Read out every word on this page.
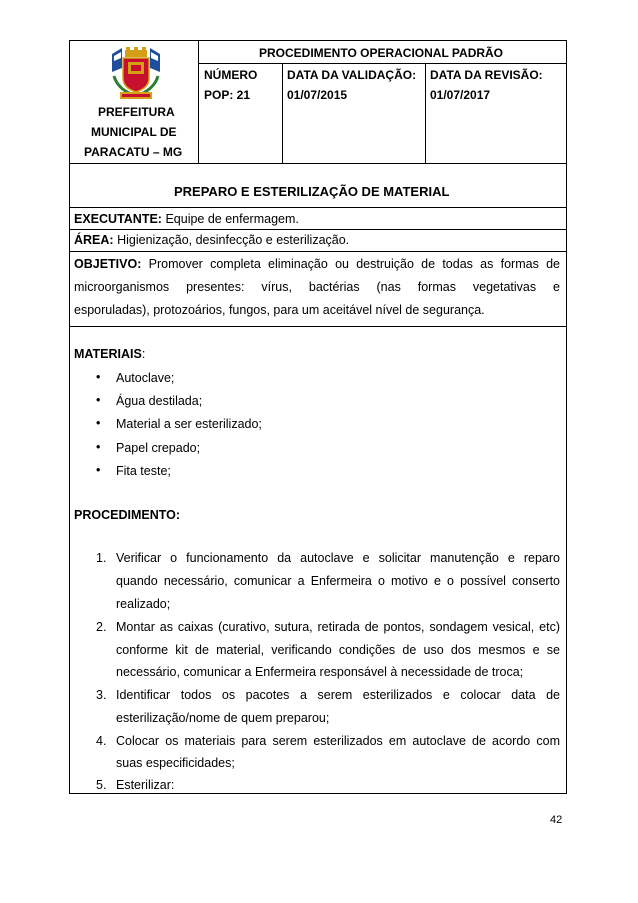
PREFEITURA
MUNICIPAL DE
PARACATU – MG
PROCEDIMENTO OPERACIONAL PADRÃO
NÚMERO
POP: 21
DATA DA VALIDAÇÃO:
01/07/2015
DATA DA REVISÃO:
01/07/2017
PREPARO E ESTERILIZAÇÃO DE MATERIAL
EXECUTANTE: Equipe de enfermagem.
ÁREA: Higienização, desinfecção e esterilização.
OBJETIVO: Promover completa eliminação ou destruição de todas as formas de
microorganismos presentes: vírus, bactérias (nas formas vegetativas e
esporuladas), protozoários, fungos, para um aceitável nível de segurança.
MATERIAIS:
• Autoclave;
• Água destilada;
• Material a ser esterilizado;
• Papel crepado;
• Fita teste;
PROCEDIMENTO:
1. Verificar o funcionamento da autoclave e solicitar manutenção e reparo
quando necessário, comunicar a Enfermeira o motivo e o possível conserto
realizado;
2. Montar as caixas (curativo, sutura, retirada de pontos, sondagem vesical, etc)
conforme kit de material, verificando condições de uso dos mesmos e se
necessário, comunicar a Enfermeira responsável à necessidade de troca;
3. Identificar todos os pacotes a serem esterilizados e colocar data de
esterilização/nome de quem preparou;
4. Colocar os materiais para serem esterilizados em autoclave de acordo com
suas especificidades;
5. Esterilizar:
42
